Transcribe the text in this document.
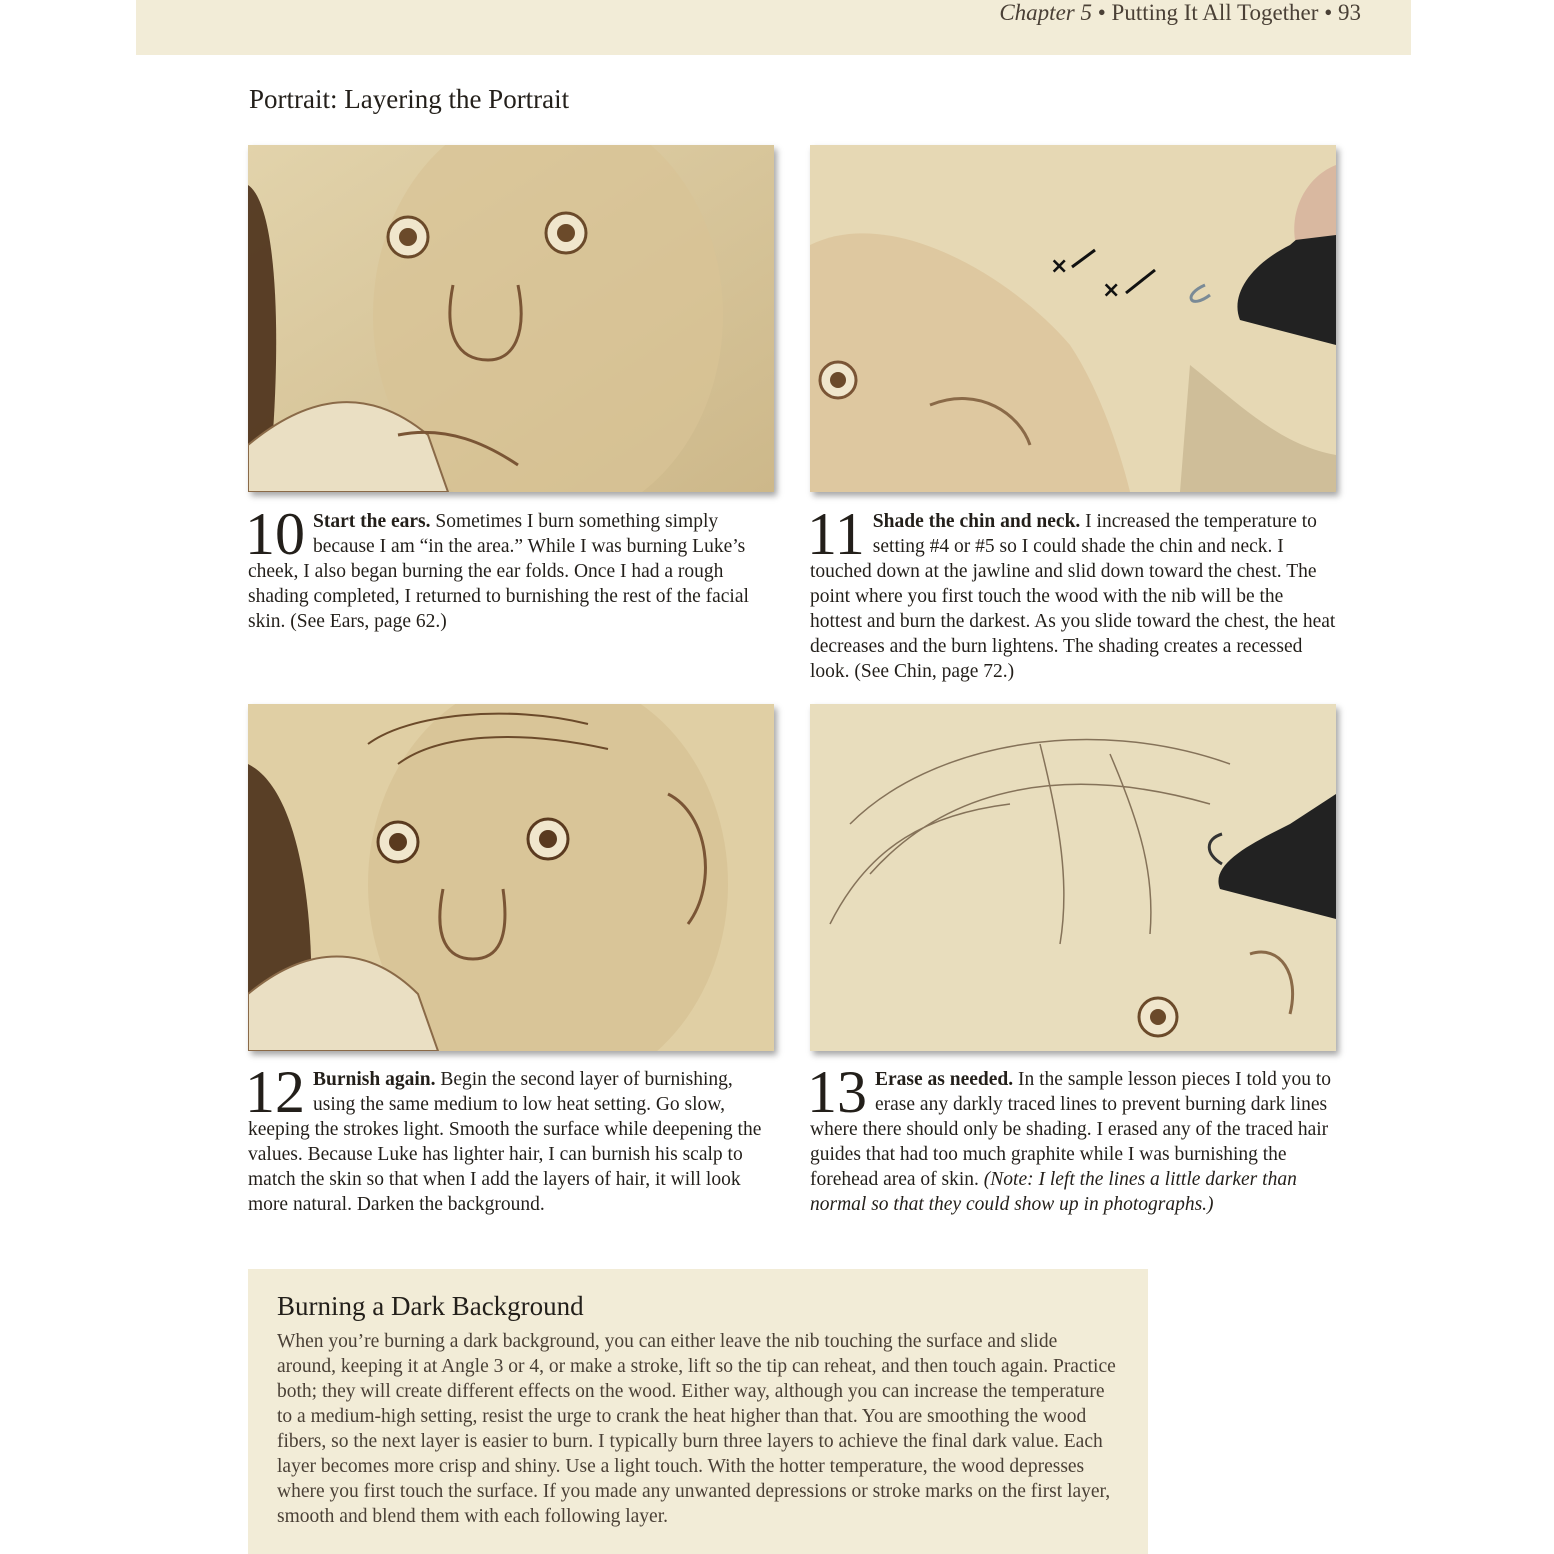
Chapter 5 • Putting It All Together • 93
Portrait: Layering the Portrait
×
×
10 Start the ears. Sometimes I burn something simply because I am “in the area.” While I was burning Luke’s cheek, I also began burning the ear folds. Once I had a rough shading completed, I returned to burnishing the rest of the facial skin. (See Ears, page 62.)
11 Shade the chin and neck. I increased the temperature to setting #4 or #5 so I could shade the chin and neck. I touched down at the jawline and slid down toward the chest. The point where you first touch the wood with the nib will be the hottest and burn the darkest. As you slide toward the chest, the heat decreases and the burn lightens. The shading creates a recessed look. (See Chin, page 72.)
12 Burnish again. Begin the second layer of burnishing, using the same medium to low heat setting. Go slow, keeping the strokes light. Smooth the surface while deepening the values. Because Luke has lighter hair, I can burnish his scalp to match the skin so that when I add the layers of hair, it will look more natural. Darken the background.
13 Erase as needed. In the sample lesson pieces I told you to erase any darkly traced lines to prevent burning dark lines where there should only be shading. I erased any of the traced hair guides that had too much graphite while I was burnishing the forehead area of skin. (Note: I left the lines a little darker than normal so that they could show up in photographs.)
Burning a Dark Background
When you’re burning a dark background, you can either leave the nib touching the surface and slide around, keeping it at Angle 3 or 4, or make a stroke, lift so the tip can reheat, and then touch again. Practice both; they will create different effects on the wood. Either way, although you can increase the temperature to a medium-high setting, resist the urge to crank the heat higher than that. You are smoothing the wood fibers, so the next layer is easier to burn. I typically burn three layers to achieve the final dark value. Each layer becomes more crisp and shiny. Use a light touch. With the hotter temperature, the wood depresses where you first touch the surface. If you made any unwanted depressions or stroke marks on the first layer, smooth and blend them with each following layer.
